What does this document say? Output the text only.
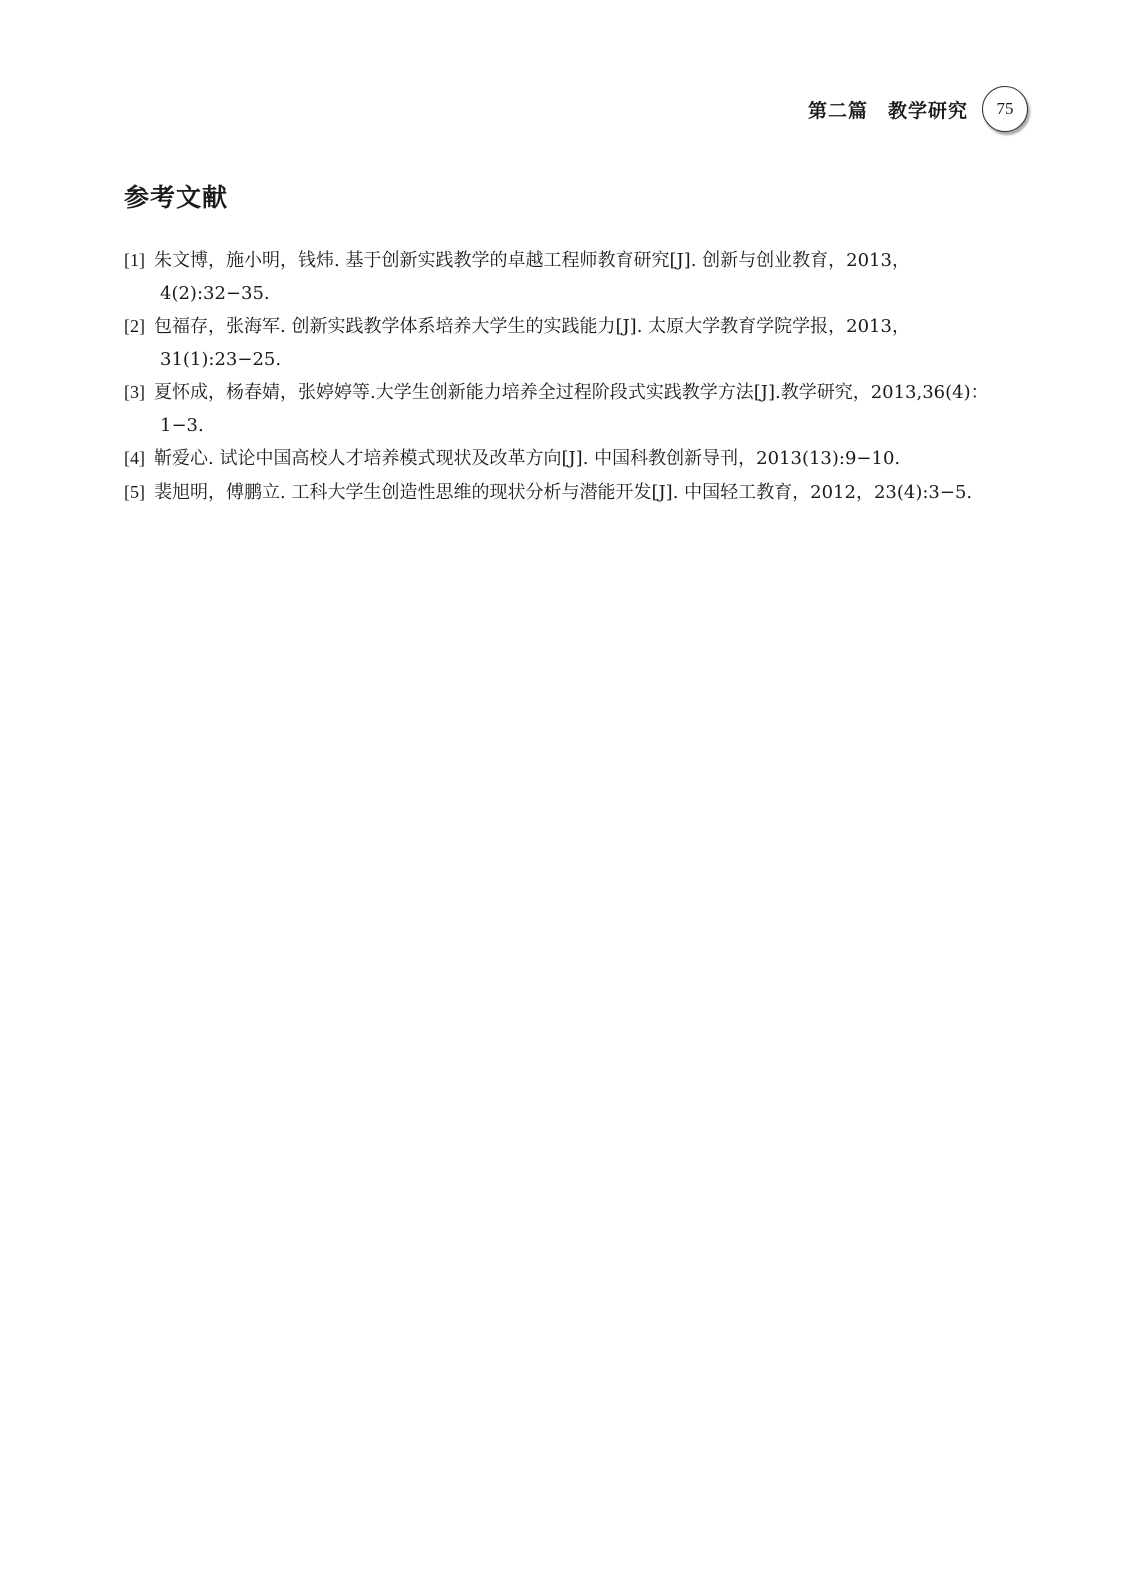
第二篇　教学研究	75
参考文献
[1] 朱文博，施小明，钱炜. 基于创新实践教学的卓越工程师教育研究[J]. 创新与创业教育，2013，4(2):32−35.
[2] 包福存，张海军. 创新实践教学体系培养大学生的实践能力[J]. 太原大学教育学院学报，2013，31(1):23−25.
[3] 夏怀成，杨春婧，张婷婷等.大学生创新能力培养全过程阶段式实践教学方法[J].教学研究，2013,36(4)：1−3.
[4] 靳爱心. 试论中国高校人才培养模式现状及改革方向[J]. 中国科教创新导刊，2013(13):9−10.
[5] 裴旭明，傅鹏立. 工科大学生创造性思维的现状分析与潜能开发[J]. 中国轻工教育，2012，23(4):3−5.
